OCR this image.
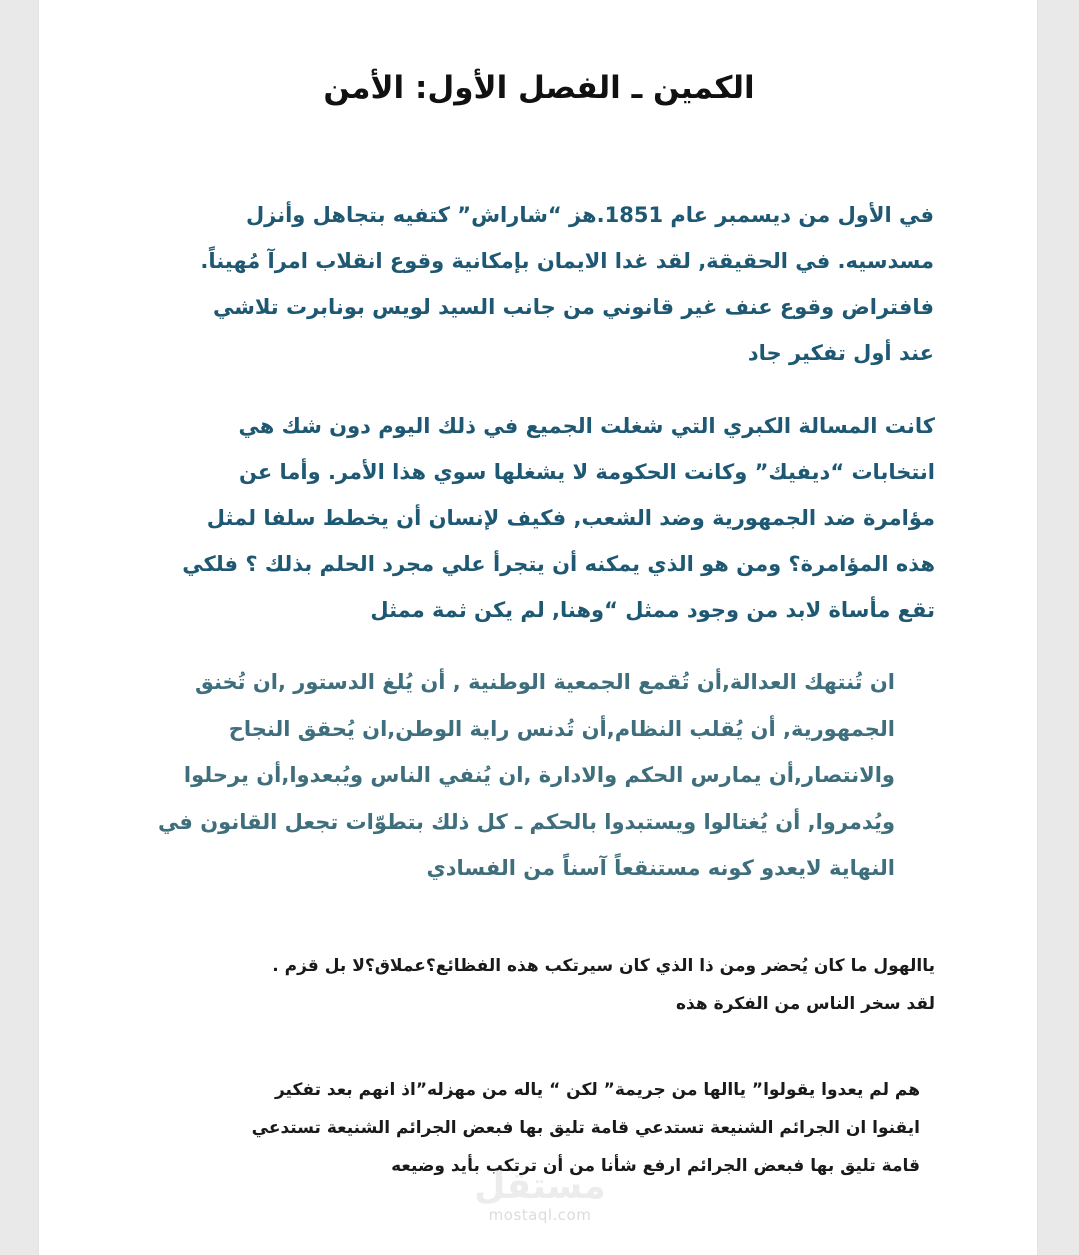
الكمين ـ الفصل الأول: الأمن
في الأول من ديسمبر عام 1851.هز “شاراش” كتفيه بتجاهل وأنزل
مسدسيه. في الحقيقة, لقد غدا الايمان بإمكانية وقوع انقلاب امرآ مُهيناً.
فافتراض وقوع عنف غير قانوني من جانب السيد لويس بونابرت تلاشي
عند أول تفكير جاد
كانت المسالة الكبري التي شغلت الجميع في ذلك اليوم دون شك هي
انتخابات “ديفيك” وكانت الحكومة لا يشغلها سوي هذا الأمر. وأما عن
مؤامرة ضد الجمهورية وضد الشعب, فكيف لإنسان أن يخطط سلفا لمثل
هذه المؤامرة؟ ومن هو الذي يمكنه أن يتجرأ علي مجرد الحلم بذلك ؟ فلكي
تقع مأساة لابد من وجود ممثل “وهنا, لم يكن ثمة ممثل
ان تُنتهك العدالة,أن تُقمع الجمعية الوطنية , أن يُلغ الدستور ,ان تُخنق
الجمهورية, أن يُقلب النظام,أن تُدنس راية الوطن,ان يُحقق النجاح
والانتصار,أن يمارس الحكم والادارة ,ان يُنفي الناس ويُبعدوا,أن يرحلوا
ويُدمروا, أن يُغتالوا ويستبدوا بالحكم ـ كل ذلك بتطوّات تجعل القانون في
النهاية لايعدو كونه مستنقعاً آسناً من الفسادي
ياالهول ما كان يُحضر ومن ذا الذي كان سيرتكب هذه الفظائع؟عملاق؟لا بل قزم .
لقد سخر الناس من الفكرة هذه
هم لم يعدوا يقولوا” ياالها من جريمة” لكن “ ياله من مهزله”اذ انهم بعد تفكير
ايقنوا ان الجرائم الشنيعة تستدعي قامة تليق بها فبعض الجرائم الشنيعة تستدعي
قامة تليق بها فبعض الجرائم ارفع شأنا من أن ترتكب بأيد وضيعه
مستقل
mostaql.com
